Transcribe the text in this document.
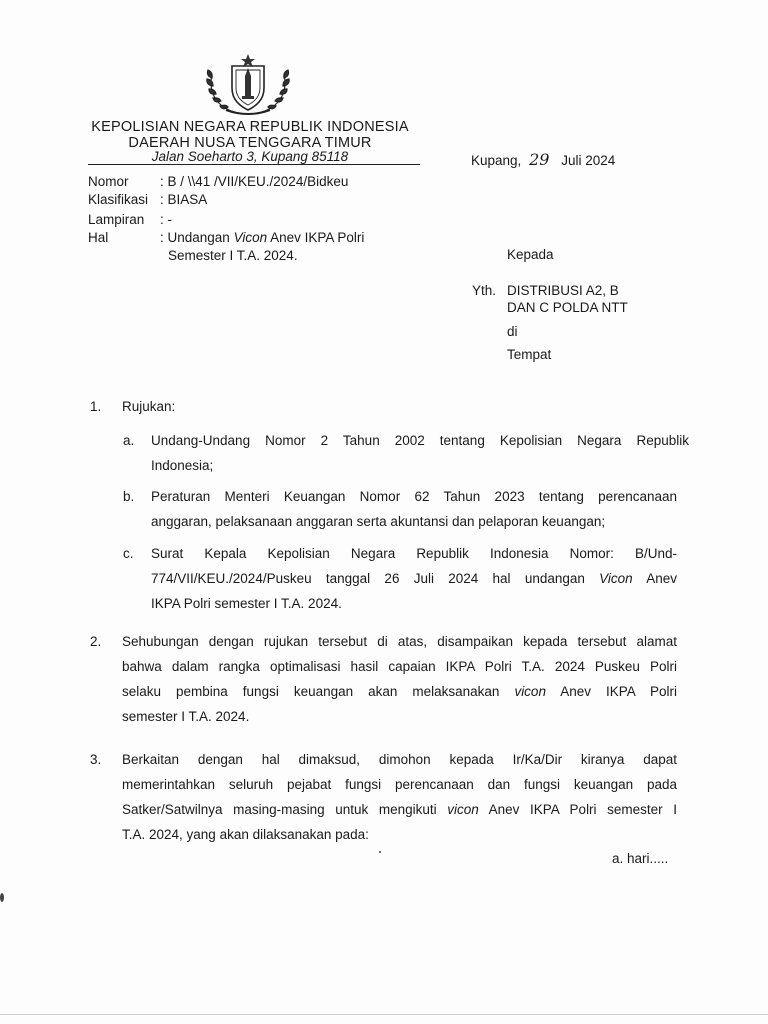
KEPOLISIAN NEGARA REPUBLIK INDONESIA
DAERAH NUSA TENGGARA TIMUR
Jalan Soeharto 3, Kupang 85118	Kupang, 29 Juli 2024
Nomor : B / \\41 /VII/KEU./2024/Bidkeu
Klasifikasi : BIASA
Lampiran : -
Hal	: Undangan Vicon Anev IKPA Polri
Semester I T.A. 2024.	Kepada
Yth. DISTRIBUSI A2, B
DAN C POLDA NTT
di
Tempat
1. Rujukan:
a. Undang-Undang Nomor 2 Tahun 2002 tentang Kepolisian Negara Republik
Indonesia;
b. Peraturan Menteri Keuangan Nomor 62 Tahun 2023 tentang perencanaan
anggaran, pelaksanaan anggaran serta akuntansi dan pelaporan keuangan;
c. Surat Kepala Kepolisian Negara Republik Indonesia Nomor: B/Und-
774/VII/KEU./2024/Puskeu tanggal 26 Juli 2024 hal undangan Vicon Anev
IKPA Polri semester I T.A. 2024.
2. Sehubungan dengan rujukan tersebut di atas, disampaikan kepada tersebut alamat
bahwa dalam rangka optimalisasi hasil capaian IKPA Polri T.A. 2024 Puskeu Polri
selaku pembina fungsi keuangan akan melaksanakan vicon Anev IKPA Polri
semester I T.A. 2024.
3. Berkaitan dengan hal dimaksud, dimohon kepada Ir/Ka/Dir kiranya dapat
memerintahkan seluruh pejabat fungsi perencanaan dan fungsi keuangan pada
Satker/Satwilnya masing-masing untuk mengikuti vicon Anev IKPA Polri semester I
T.A. 2024, yang akan dilaksanakan pada:
a. hari.....
